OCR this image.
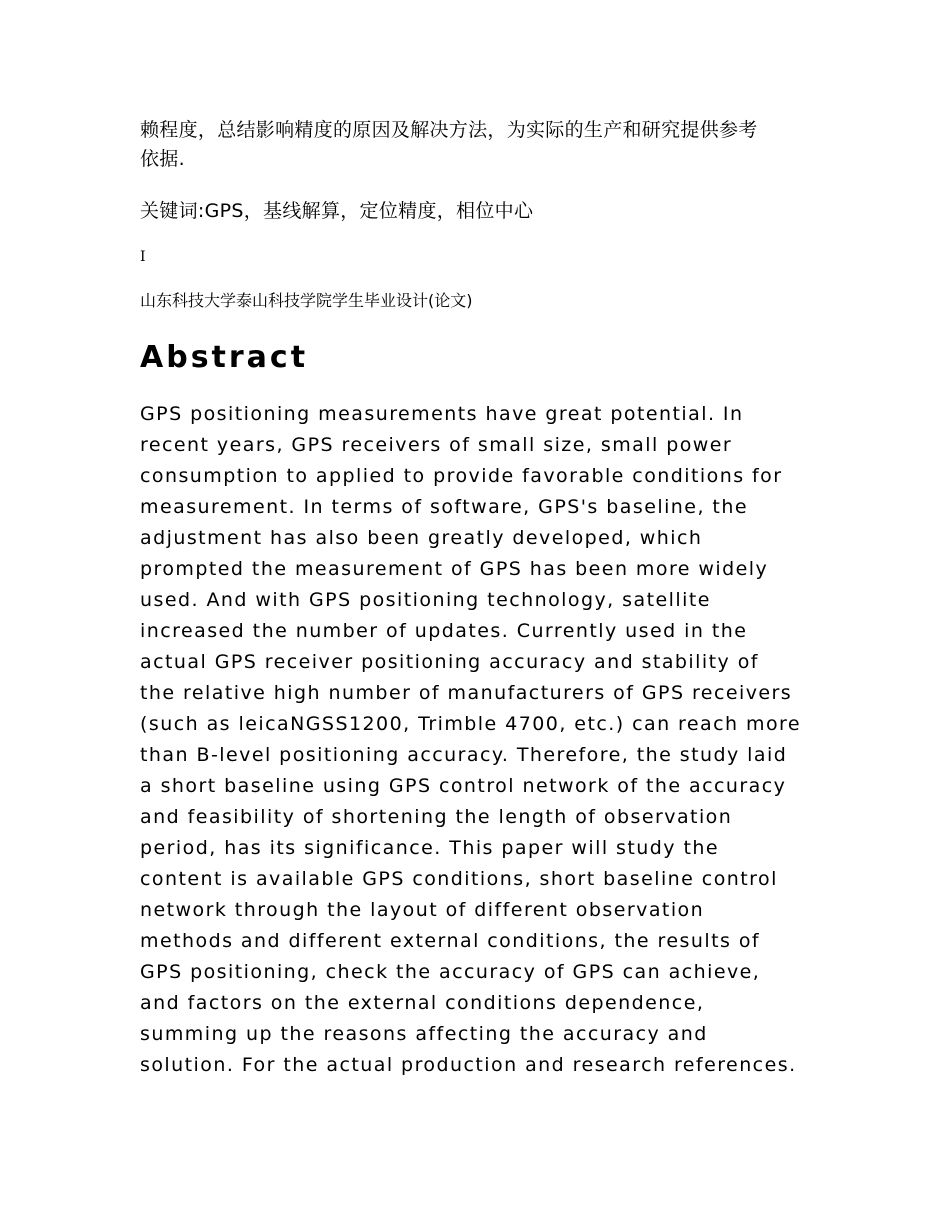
赖程度，总结影响精度的原因及解决方法，为实际的生产和研究提供参考
依据.

关键词:GPS，基线解算，定位精度，相位中心

I

山东科技大学泰山科技学院学生毕业设计(论文)

Abstract

GPS positioning measurements have great potential. In
recent years, GPS receivers of small size, small power
consumption to applied to provide favorable conditions for
measurement. In terms of software, GPS's baseline, the
adjustment has also been greatly developed, which
prompted the measurement of GPS has been more widely
used. And with GPS positioning technology, satellite
increased the number of updates. Currently used in the
actual GPS receiver positioning accuracy and stability of
the relative high number of manufacturers of GPS receivers
(such as leicaNGSS1200, Trimble 4700, etc.) can reach more
than B-level positioning accuracy. Therefore, the study laid
a short baseline using GPS control network of the accuracy
and feasibility of shortening the length of observation
period, has its significance. This paper will study the
content is available GPS conditions, short baseline control
network through the layout of different observation
methods and different external conditions, the results of
GPS positioning, check the accuracy of GPS can achieve,
and factors on the external conditions dependence,
summing up the reasons affecting the accuracy and
solution. For the actual production and research references.
